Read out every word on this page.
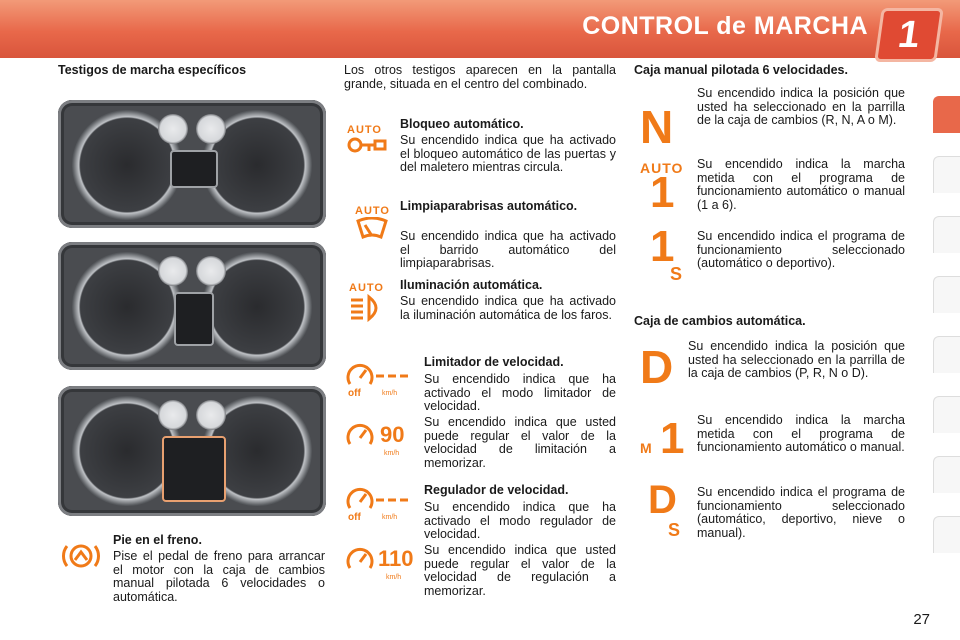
CONTROL de MARCHA 1
Testigos de marcha específicos
Pie en el freno.
Pise el pedal de freno para arrancar el motor con la caja de cambios manual pilotada 6 velocidades o automática.
Los otros testigos aparecen en la pantalla grande, situada en el centro del combinado.
AUTO	Bloqueo automático.
Su encendido indica que ha activado el bloqueo automático de las puertas y del maletero mientras circula.
AUTO Limpiaparabrisas automático.
Su encendido indica que ha activado el barrido automático del limpiaparabrisas.
AUTO	Iluminación automática.
Su encendido indica que ha activado la iluminación automática de los faros.
off	km/h
90
km/h
Limitador de velocidad.
Su encendido indica que ha activado el modo limitador de velocidad.
Su encendido indica que usted puede regular el valor de la velocidad de limitación a memorizar.
off	km/h
110
km/h
Regulador de velocidad.
Su encendido indica que ha activado el modo regulador de velocidad.
Su encendido indica que usted puede regular el valor de la velocidad de regulación a memorizar.
Caja manual pilotada 6 velocidades.
N
Su encendido indica la posición que usted ha seleccionado en la parrilla de la caja de cambios (R, N, A o M).
AUTO
1
Su encendido indica la marcha metida con el programa de funcionamiento automático o manual (1 a 6).
1
S
Su encendido indica el programa de funcionamiento seleccionado (automático o deportivo).
Caja de cambios automática.
D Su encendido indica la posición que usted ha seleccionado en la parrilla de la caja de cambios (P, R, N o D).
M 1 Su encendido indica la marcha metida con el programa de funcionamiento automático o manual.
D
S
Su encendido indica el programa de funcionamiento seleccionado (automático, deportivo, nieve o manual).
27
